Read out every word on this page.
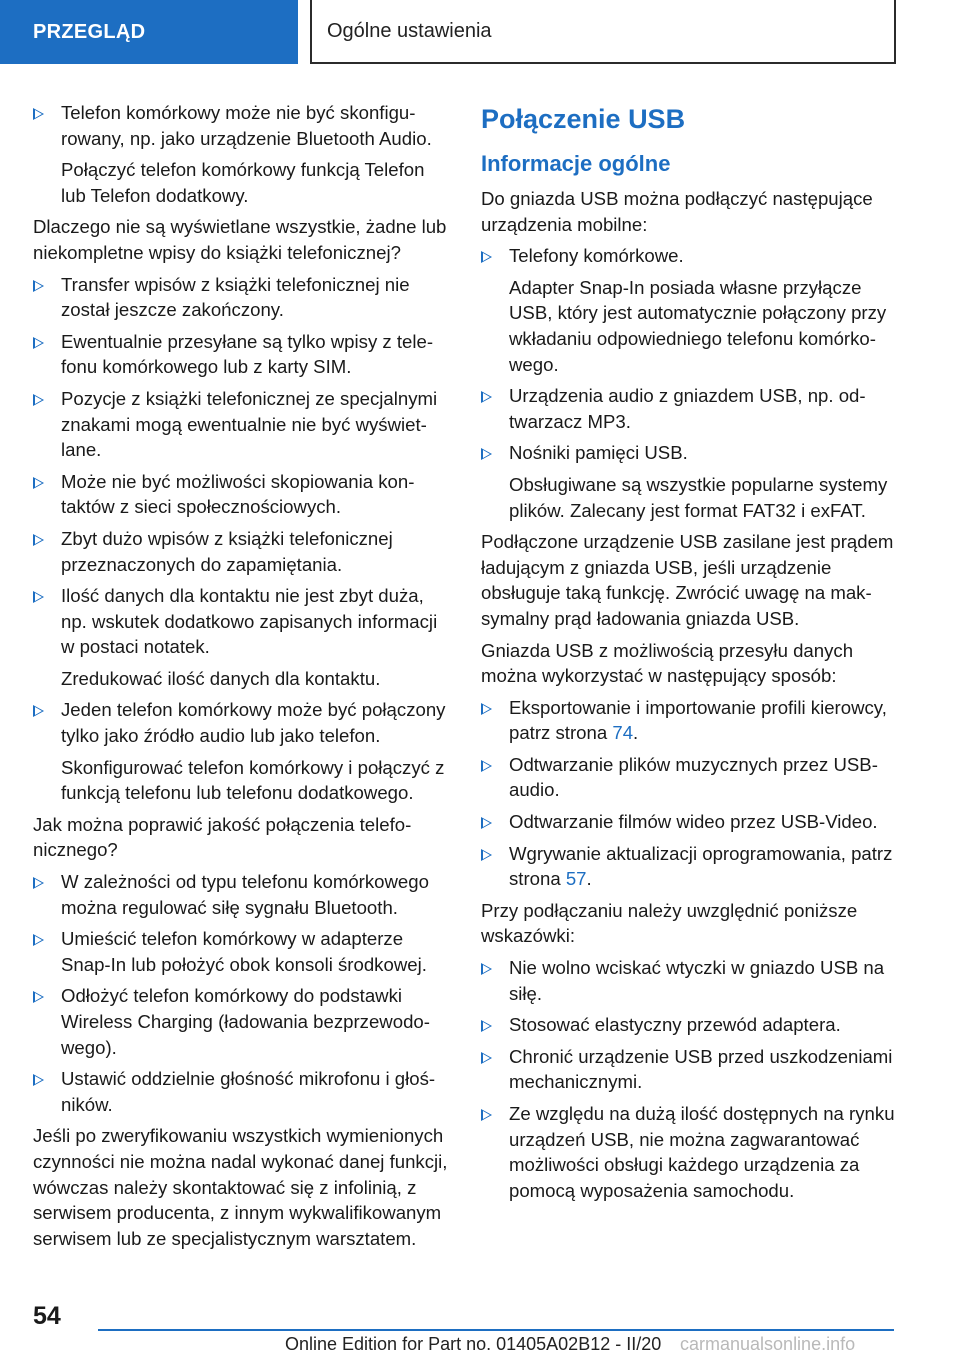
PRZEGLĄD	Ogólne ustawienia
Telefon komórkowy może nie być skonfigurowany, np. jako urządzenie Bluetooth Audio.
Połączyć telefon komórkowy funkcją Telefon lub Telefon dodatkowy.
Dlaczego nie są wyświetlane wszystkie, żadne lub niekompletne wpisy do książki telefonicznej?
Transfer wpisów z książki telefonicznej nie został jeszcze zakończony.
Ewentualnie przesyłane są tylko wpisy z telefonu komórkowego lub z karty SIM.
Pozycje z książki telefonicznej ze specjalnymi znakami mogą ewentualnie nie być wyświetlane.
Może nie być możliwości skopiowania kontaktów z sieci społecznościowych.
Zbyt dużo wpisów z książki telefonicznej przeznaczonych do zapamiętania.
Ilość danych dla kontaktu nie jest zbyt duża, np. wskutek dodatkowo zapisanych informacji w postaci notatek.
Zredukować ilość danych dla kontaktu.
Jeden telefon komórkowy może być połączony tylko jako źródło audio lub jako telefon.
Skonfigurować telefon komórkowy i połączyć z funkcją telefonu lub telefonu dodatkowego.
Jak można poprawić jakość połączenia telefonicznego?
W zależności od typu telefonu komórkowego można regulować siłę sygnału Bluetooth.
Umieścić telefon komórkowy w adapterze Snap-In lub położyć obok konsoli środkowej.
Odłożyć telefon komórkowy do podstawki Wireless Charging (ładowania bezprzewodowego).
Ustawić oddzielnie głośność mikrofonu i głośników.
Jeśli po zweryfikowaniu wszystkich wymienionych czynności nie można nadal wykonać danej funkcji, wówczas należy skontaktować się z infolinią, z serwisem producenta, z innym wykwalifikowanym serwisem lub ze specjalistycznym warsztatem.
Połączenie USB
Informacje ogólne
Do gniazda USB można podłączyć następujące urządzenia mobilne:
Telefony komórkowe.
Adapter Snap-In posiada własne przyłącze USB, który jest automatycznie połączony przy wkładaniu odpowiedniego telefonu komórkowego.
Urządzenia audio z gniazdem USB, np. odtwarzacz MP3.
Nośniki pamięci USB.
Obsługiwane są wszystkie popularne systemy plików. Zalecany jest format FAT32 i exFAT.
Podłączone urządzenie USB zasilane jest prądem ładującym z gniazda USB, jeśli urządzenie obsługuje taką funkcję. Zwrócić uwagę na maksymalny prąd ładowania gniazda USB.
Gniazda USB z możliwością przesyłu danych można wykorzystać w następujący sposób:
Eksportowanie i importowanie profili kierowcy, patrz strona 74.
Odtwarzanie plików muzycznych przez USB-audio.
Odtwarzanie filmów wideo przez USB-Video.
Wgrywanie aktualizacji oprogramowania, patrz strona 57.
Przy podłączaniu należy uwzględnić poniższe wskazówki:
Nie wolno wciskać wtyczki w gniazdo USB na siłę.
Stosować elastyczny przewód adaptera.
Chronić urządzenie USB przed uszkodzeniami mechanicznymi.
Ze względu na dużą ilość dostępnych na rynku urządzeń USB, nie można zagwarantować możliwości obsługi każdego urządzenia za pomocą wyposażenia samochodu.
54
Online Edition for Part no. 01405A02B12 - II/20 carmanualsonline.info
